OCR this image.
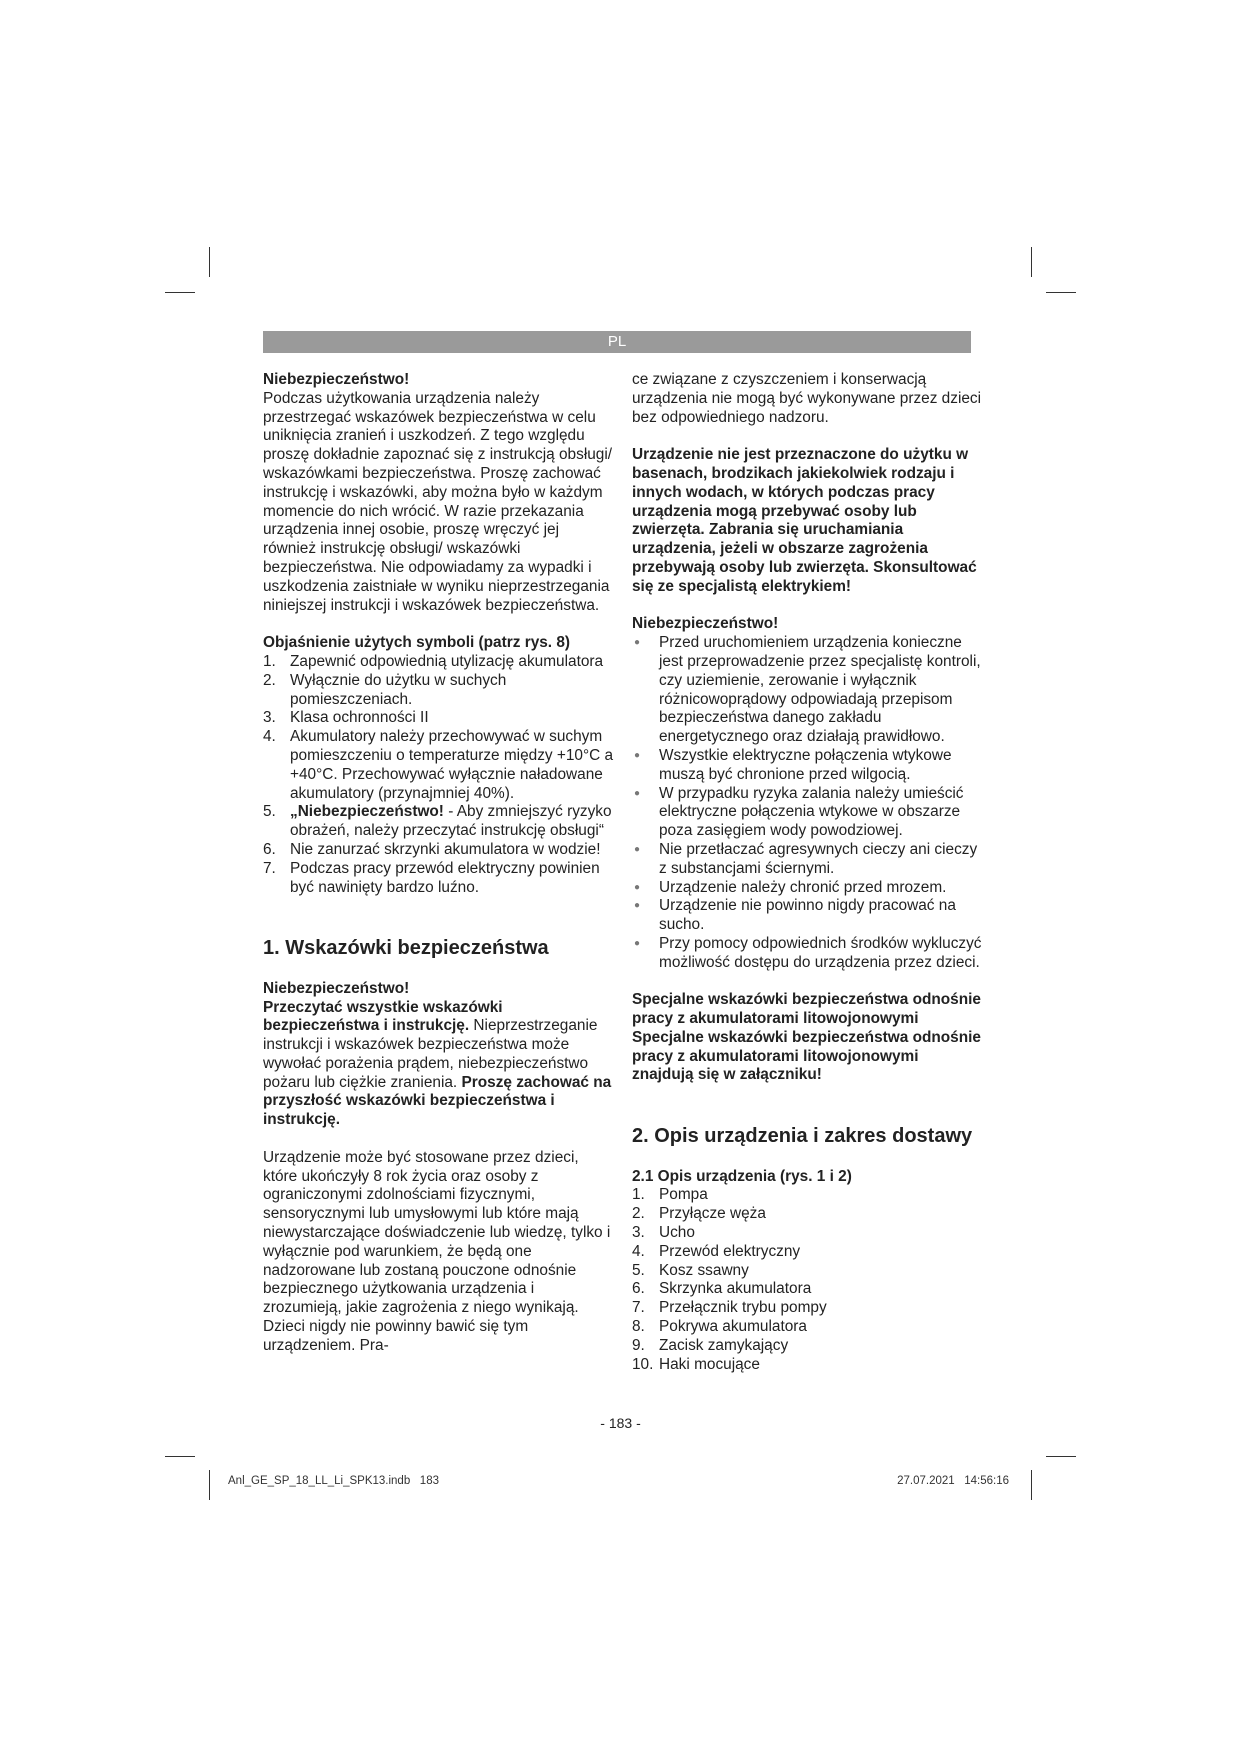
PL

Niebezpieczeństwo!

Podczas użytkowania urządzenia należy przestrzegać wskazówek bezpieczeństwa w celu uniknięcia zranień i uszkodzeń. Z tego względu proszę dokładnie zapoznać się z instrukcją obsługi/ wskazówkami bezpieczeństwa. Proszę zachować instrukcję i wskazówki, aby można było w każdym momencie do nich wrócić. W razie przekazania urządzenia innej osobie, proszę wręczyć jej również instrukcję obsługi/ wskazówki bezpieczeństwa. Nie odpowiadamy za wypadki i uszkodzenia zaistniałe w wyniku nieprzestrzegania niniejszej instrukcji i wskazówek bezpieczeństwa.

Objaśnienie użytych symboli (patrz rys. 8)

1. Zapewnić odpowiednią utylizację akumulatora
2. Wyłącznie do użytku w suchych pomieszczeniach.
3. Klasa ochronności II
4. Akumulatory należy przechowywać w suchym pomieszczeniu o temperaturze między +10°C a +40°C. Przechowywać wyłącznie naładowane akumulatory (przynajmniej 40%).
5. „Niebezpieczeństwo! - Aby zmniejszyć ryzyko obrażeń, należy przeczytać instrukcję obsługi“
6. Nie zanurzać skrzynki akumulatora w wodzie!
7. Podczas pracy przewód elektryczny powinien być nawinięty bardzo luźno.

1. Wskazówki bezpieczeństwa

Niebezpieczeństwo!

Przeczytać wszystkie wskazówki bezpieczeństwa i instrukcję. Nieprzestrzeganie instrukcji i wskazówek bezpieczeństwa może wywołać porażenia prądem, niebezpieczeństwo pożaru lub ciężkie zranienia. Proszę zachować na przyszłość wskazówki bezpieczeństwa i instrukcję.

Urządzenie może być stosowane przez dzieci, które ukończyły 8 rok życia oraz osoby z ograniczonymi zdolnościami fizycznymi, sensorycznymi lub umysłowymi lub które mają niewystarczające doświadczenie lub wiedzę, tylko i wyłącznie pod warunkiem, że będą one nadzorowane lub zostaną pouczone odnośnie bezpiecznego użytkowania urządzenia i zrozumieją, jakie zagrożenia z niego wynikają. Dzieci nigdy nie powinny bawić się tym urządzeniem. Pra-

ce związane z czyszczeniem i konserwacją urządzenia nie mogą być wykonywane przez dzieci bez odpowiedniego nadzoru.

Urządzenie nie jest przeznaczone do użytku w basenach, brodzikach jakiekolwiek rodzaju i innych wodach, w których podczas pracy urządzenia mogą przebywać osoby lub zwierzęta. Zabrania się uruchamiania urządzenia, jeżeli w obszarze zagrożenia przebywają osoby lub zwierzęta. Skonsultować się ze specjalistą elektrykiem!

Niebezpieczeństwo!

● Przed uruchomieniem urządzenia konieczne jest przeprowadzenie przez specjalistę kontroli, czy uziemienie, zerowanie i wyłącznik różnicowoprądowy odpowiadają przepisom bezpieczeństwa danego zakładu energetycznego oraz działają prawidłowo.
● Wszystkie elektryczne połączenia wtykowe muszą być chronione przed wilgocią.
● W przypadku ryzyka zalania należy umieścić elektryczne połączenia wtykowe w obszarze poza zasięgiem wody powodziowej.
● Nie przetłaczać agresywnych cieczy ani cieczy z substancjami ściernymi.
● Urządzenie należy chronić przed mrozem.
● Urządzenie nie powinno nigdy pracować na sucho.
● Przy pomocy odpowiednich środków wykluczyć możliwość dostępu do urządzenia przez dzieci.

Specjalne wskazówki bezpieczeństwa odnośnie pracy z akumulatorami litowojonowymi

Specjalne wskazówki bezpieczeństwa odnośnie pracy z akumulatorami litowojonowymi znajdują się w załączniku!

2. Opis urządzenia i zakres dostawy

2.1 Opis urządzenia (rys. 1 i 2)

1. Pompa
2. Przyłącze węża
3. Ucho
4. Przewód elektryczny
5. Kosz ssawny
6. Skrzynka akumulatora
7. Przełącznik trybu pompy
8. Pokrywa akumulatora
9. Zacisk zamykający
10. Haki mocujące
- 183 -
Anl_GE_SP_18_LL_Li_SPK13.indb   183	27.07.2021   14:56:16
